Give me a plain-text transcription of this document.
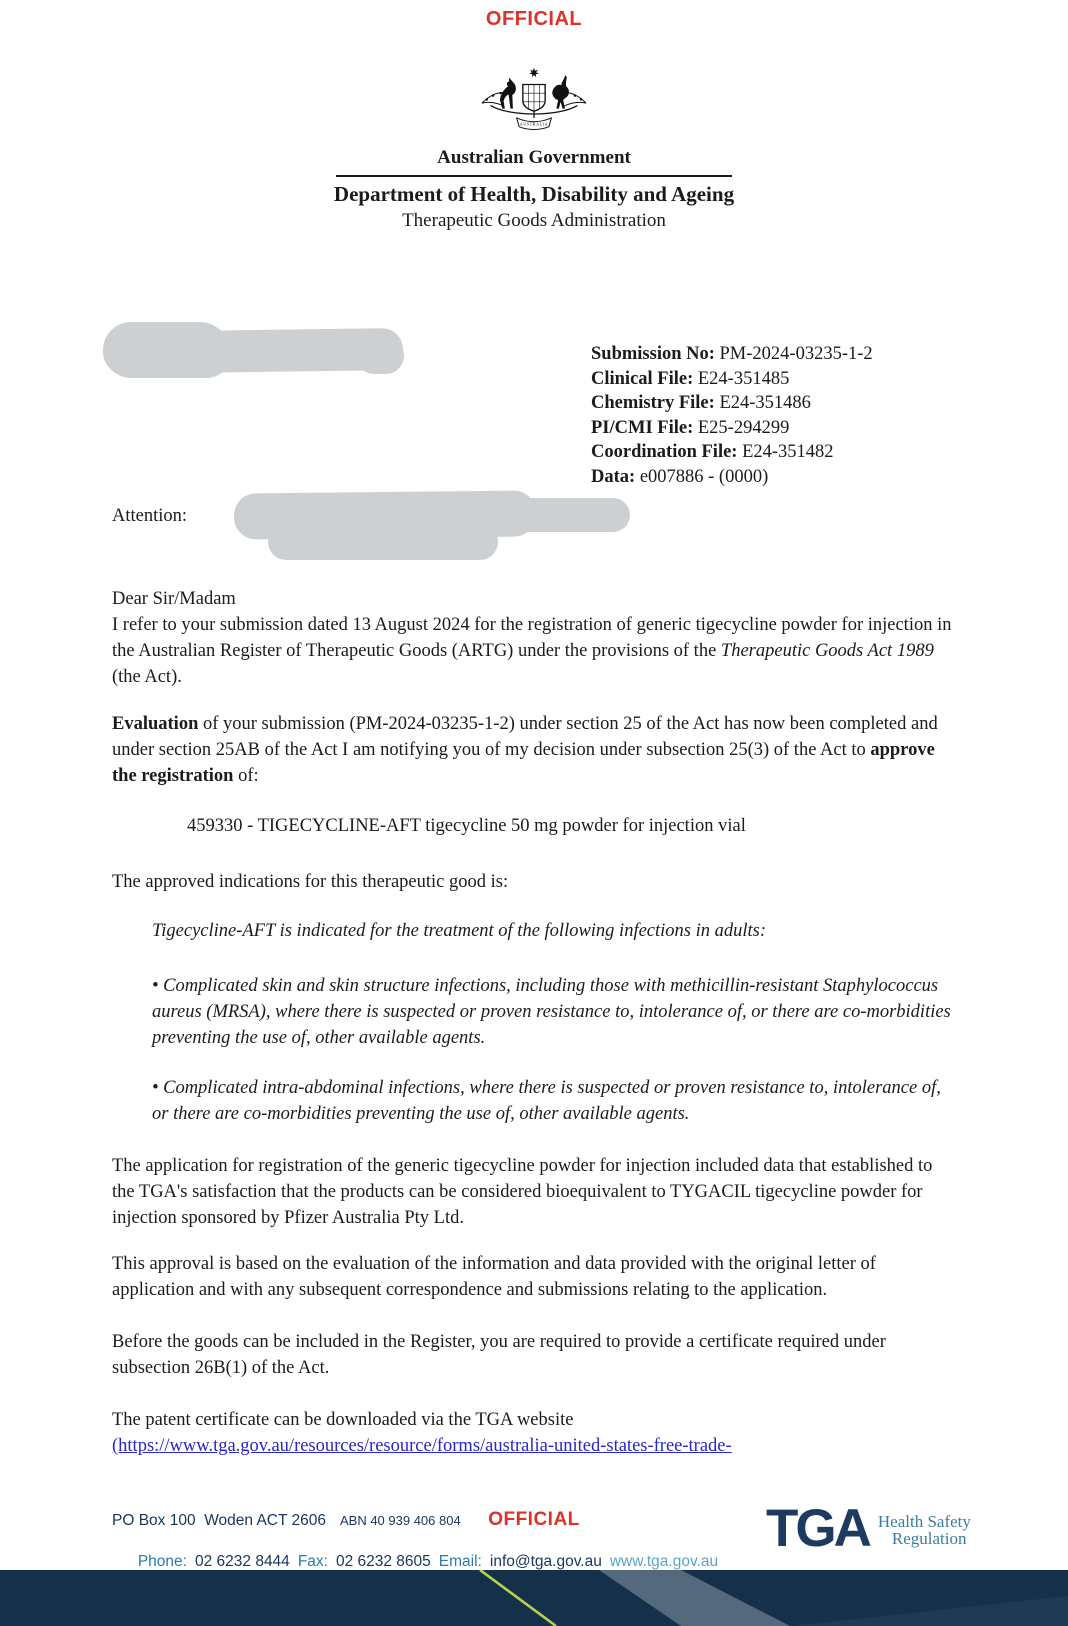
OFFICIAL
AUSTRALIA
Australian Government
Department of Health, Disability and Ageing
Therapeutic Goods Administration
Submission No: PM-2024-03235-1-2
Clinical File: E24-351485
Chemistry File: E24-351486
PI/CMI File: E25-294299
Coordination File: E24-351482
Data: e007886 - (0000)
Attention:

Dear Sir/Madam

I refer to your submission dated 13 August 2024 for the registration of generic tigecycline powder for injection in the Australian Register of Therapeutic Goods (ARTG) under the provisions of the Therapeutic Goods Act 1989 (the Act).

Evaluation of your submission (PM-2024-03235-1-2) under section 25 of the Act has now been completed and under section 25AB of the Act I am notifying you of my decision under subsection 25(3) of the Act to approve the registration of:

459330 - TIGECYCLINE-AFT tigecycline 50 mg powder for injection vial

The approved indications for this therapeutic good is:

Tigecycline-AFT is indicated for the treatment of the following infections in adults:

• Complicated skin and skin structure infections, including those with methicillin-resistant Staphylococcus aureus (MRSA), where there is suspected or proven resistance to, intolerance of, or there are co-morbidities preventing the use of, other available agents.

• Complicated intra-abdominal infections, where there is suspected or proven resistance to, intolerance of, or there are co-morbidities preventing the use of, other available agents.

The application for registration of the generic tigecycline powder for injection included data that established to the TGA's satisfaction that the products can be considered bioequivalent to TYGACIL tigecycline powder for injection sponsored by Pfizer Australia Pty Ltd.

This approval is based on the evaluation of the information and data provided with the original letter of application and with any subsequent correspondence and submissions relating to the application.

Before the goods can be included in the Register, you are required to provide a certificate required under subsection 26B(1) of the Act.

The patent certificate can be downloaded via the TGA website
(https://www.tga.gov.au/resources/resource/forms/australia-united-states-free-trade-

OFFICIAL
PO Box 100  Woden ACT 2606 ABN 40 939 406 804

Phone: 02 6232 8444 Fax: 02 6232 8605 Email: info@tga.gov.au www.tga.gov.au

TGA Health Safety
Regulation
